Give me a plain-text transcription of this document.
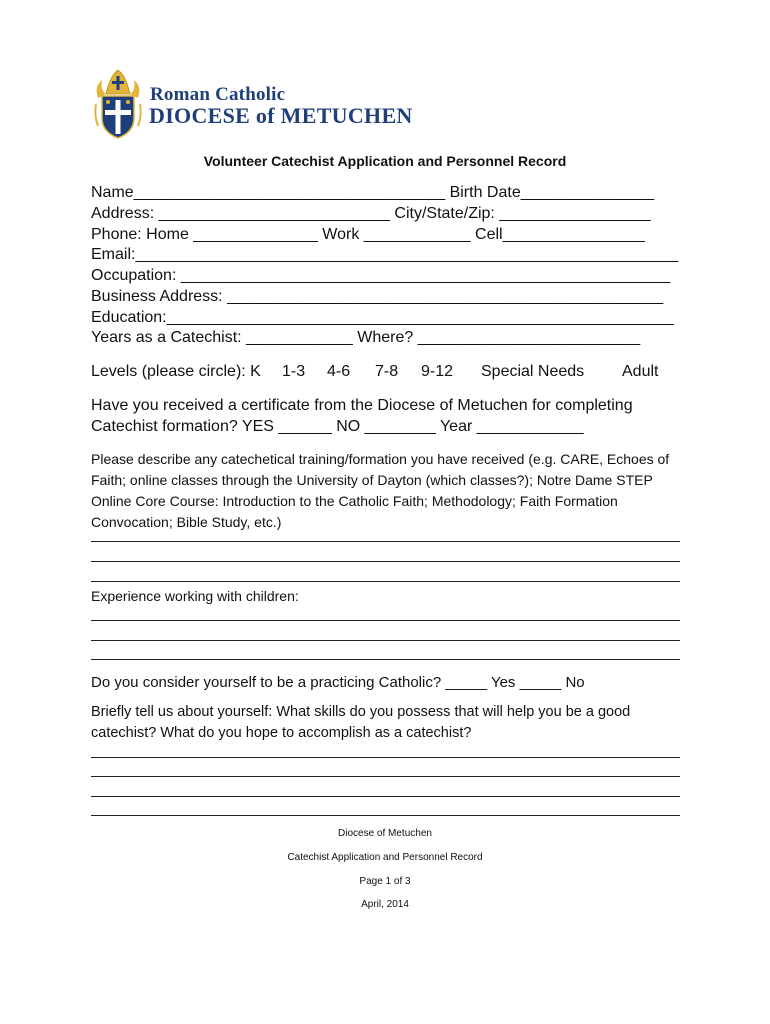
Roman Catholic
DIOCESE of METUCHEN
Volunteer Catechist Application and Personnel Record
Name___________________________________ Birth Date_______________
Address: __________________________ City/State/Zip: _________________
Phone: Home ______________ Work ____________ Cell________________
Email:_____________________________________________________________
Occupation: _______________________________________________________
Business Address: _________________________________________________
Education:_________________________________________________________
Years as a Catechist: ____________ Where? _________________________
Levels (please circle): K 1-3 4-6 7-8 9-12 Special Needs Adult
Have you received a certificate from the Diocese of Metuchen for completing
Catechist formation? YES ______ NO ________ Year ____________
Please describe any catechetical training/formation you have received (e.g. CARE, Echoes of Faith; online classes through the University of Dayton (which classes?); Notre Dame STEP Online Core Course: Introduction to the Catholic Faith; Methodology; Faith Formation Convocation; Bible Study, etc.)
Experience working with children:
Do you consider yourself to be a practicing Catholic? _____ Yes _____ No
Briefly tell us about yourself: What skills do you possess that will help you be a good catechist? What do you hope to accomplish as a catechist?
Diocese of Metuchen
Catechist Application and Personnel Record
Page 1 of 3
April, 2014
